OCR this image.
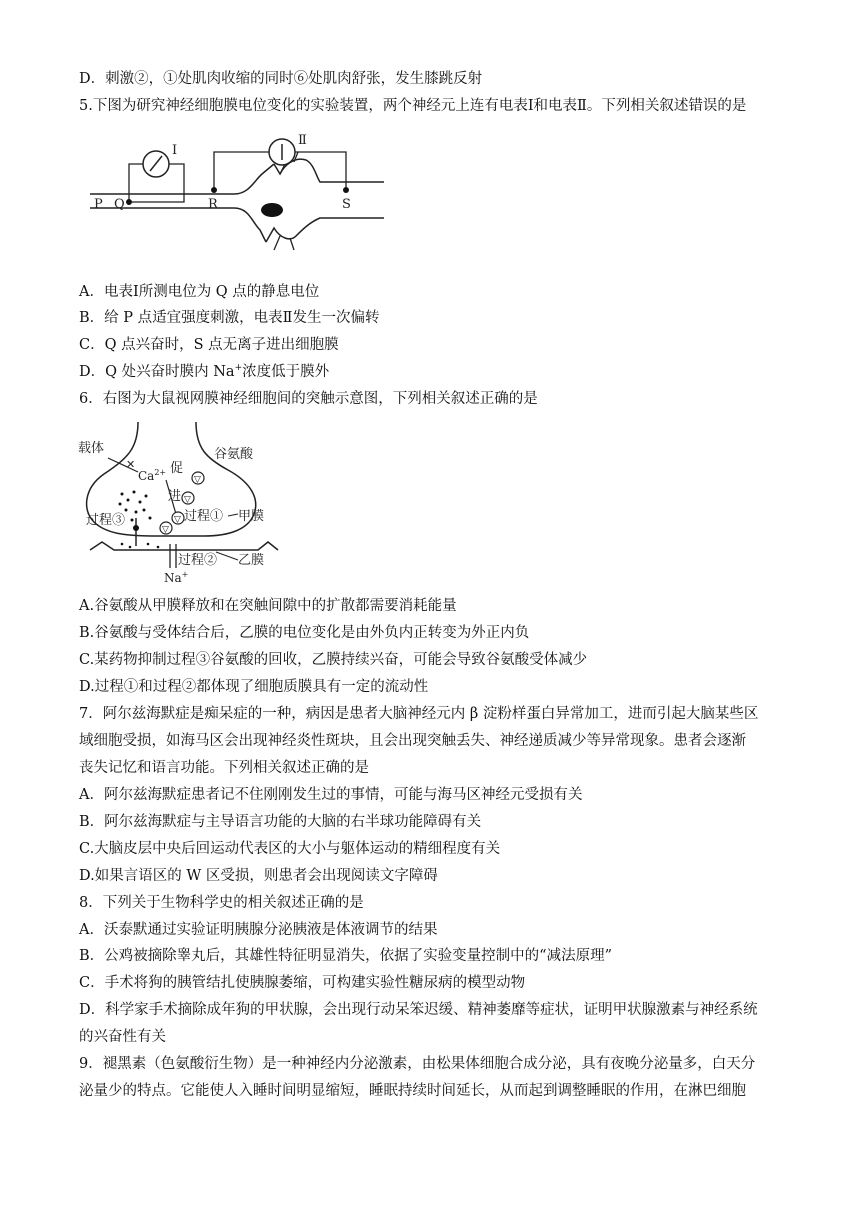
D．刺激②，①处肌肉收缩的同时⑥处肌肉舒张，发生膝跳反射
5.下图为研究神经细胞膜电位变化的实验装置，两个神经元上连有电表Ⅰ和电表Ⅱ。下列相关叙述错误的是
Ⅰ
Ⅱ
P Q	R	S
A．电表Ⅰ所测电位为 Q 点的静息电位
B．给 P 点适宜强度刺激，电表Ⅱ发生一次偏转
C．Q 点兴奋时，S 点无离子进出细胞膜
D．Q 处兴奋时膜内 Na+浓度低于膜外
6．右图为大鼠视网膜神经细胞间的突触示意图，下列相关叙述正确的是
✕
载体
$Ca^{2+}$ 促
进
▽
▽
▽
▽
谷氨酸
过程①
过程③	甲膜
过程② 乙膜
Na+
A.谷氨酸从甲膜释放和在突触间隙中的扩散都需要消耗能量
B.谷氨酸与受体结合后，乙膜的电位变化是由外负内正转变为外正内负
C.某药物抑制过程③谷氨酸的回收，乙膜持续兴奋，可能会导致谷氨酸受体减少
D.过程①和过程②都体现了细胞质膜具有一定的流动性
7．阿尔兹海默症是痴呆症的一种，病因是患者大脑神经元内 β 淀粉样蛋白异常加工，进而引起大脑某些区
域细胞受损，如海马区会出现神经炎性斑块，且会出现突触丢失、神经递质减少等异常现象。患者会逐渐
丧失记忆和语言功能。下列相关叙述正确的是
A．阿尔兹海默症患者记不住刚刚发生过的事情，可能与海马区神经元受损有关
B．阿尔兹海默症与主导语言功能的大脑的右半球功能障碍有关
C.大脑皮层中央后回运动代表区的大小与躯体运动的精细程度有关
D.如果言语区的 W 区受损，则患者会出现阅读文字障碍
8．下列关于生物科学史的相关叙述正确的是
A．沃泰默通过实验证明胰腺分泌胰液是体液调节的结果
B．公鸡被摘除睾丸后，其雄性特征明显消失，依据了实验变量控制中的“减法原理”
C．手术将狗的胰管结扎使胰腺萎缩，可构建实验性糖尿病的模型动物
D．科学家手术摘除成年狗的甲状腺，会出现行动呆笨迟缓、精神萎靡等症状，证明甲状腺激素与神经系统
的兴奋性有关
9．褪黑素（色氨酸衍生物）是一种神经内分泌激素，由松果体细胞合成分泌，具有夜晚分泌量多，白天分
泌量少的特点。它能使人入睡时间明显缩短，睡眠持续时间延长，从而起到调整睡眠的作用，在淋巴细胞
